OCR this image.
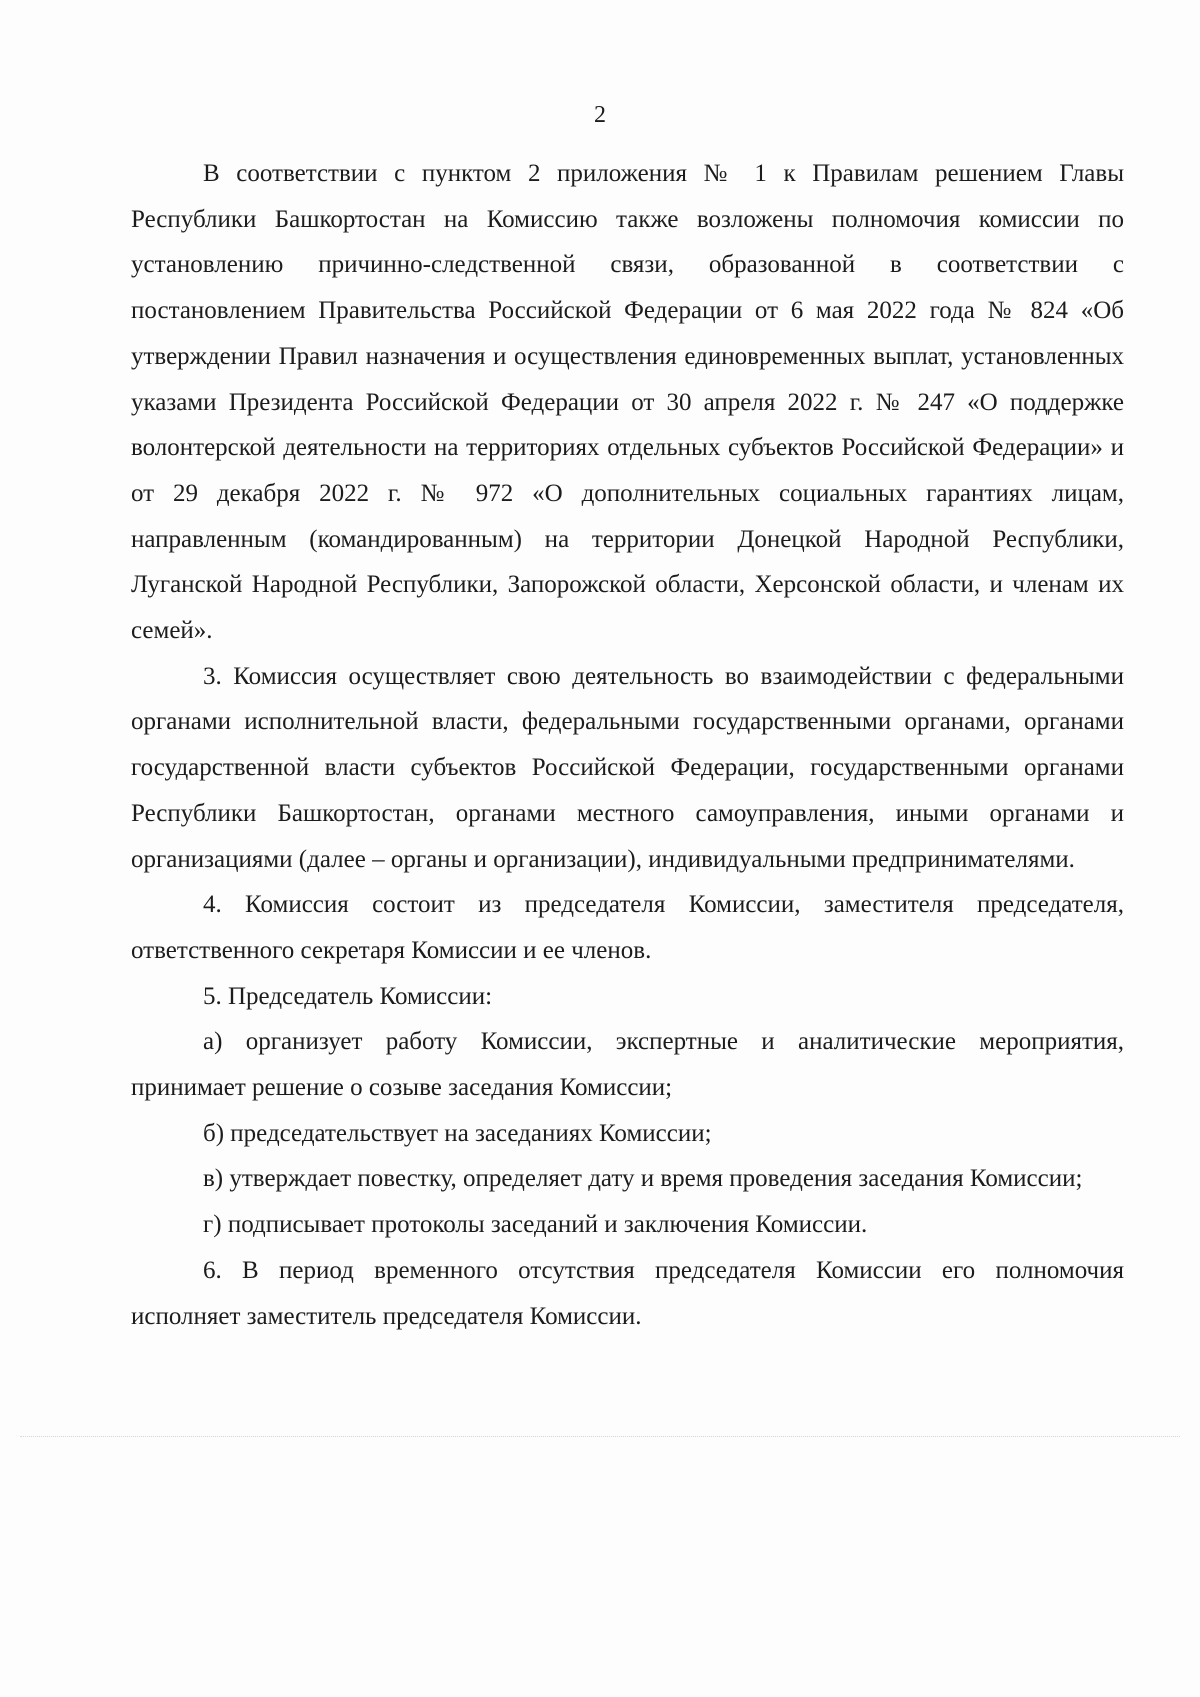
2

В соответствии с пунктом 2 приложения № 1 к Правилам решением Главы Республики Башкортостан на Комиссию также возложены полномочия комиссии по установлению причинно-следственной связи, образованной в соответствии с постановлением Правительства Российской Федерации от 6 мая 2022 года № 824 «Об утверждении Правил назначения и осуществления единовременных выплат, установленных указами Президента Российской Федерации от 30 апреля 2022 г. № 247 «О поддержке волонтерской деятельности на территориях отдельных субъектов Российской Федерации» и от 29 декабря 2022 г. № 972 «О дополнительных социальных гарантиях лицам, направленным (командированным) на территории Донецкой Народной Республики, Луганской Народной Республики, Запорожской области, Херсонской области, и членам их семей».

3. Комиссия осуществляет свою деятельность во взаимодействии с федеральными органами исполнительной власти, федеральными государственными органами, органами государственной власти субъектов Российской Федерации, государственными органами Республики Башкортостан, органами местного самоуправления, иными органами и организациями (далее – органы и организации), индивидуальными предпринимателями.

4. Комиссия состоит из председателя Комиссии, заместителя председателя, ответственного секретаря Комиссии и ее членов.

5. Председатель Комиссии:

а) организует работу Комиссии, экспертные и аналитические мероприятия, принимает решение о созыве заседания Комиссии;

б) председательствует на заседаниях Комиссии;

в) утверждает повестку, определяет дату и время проведения заседания Комиссии;

г) подписывает протоколы заседаний и заключения Комиссии.

6. В период временного отсутствия председателя Комиссии его полномочия исполняет заместитель председателя Комиссии.
